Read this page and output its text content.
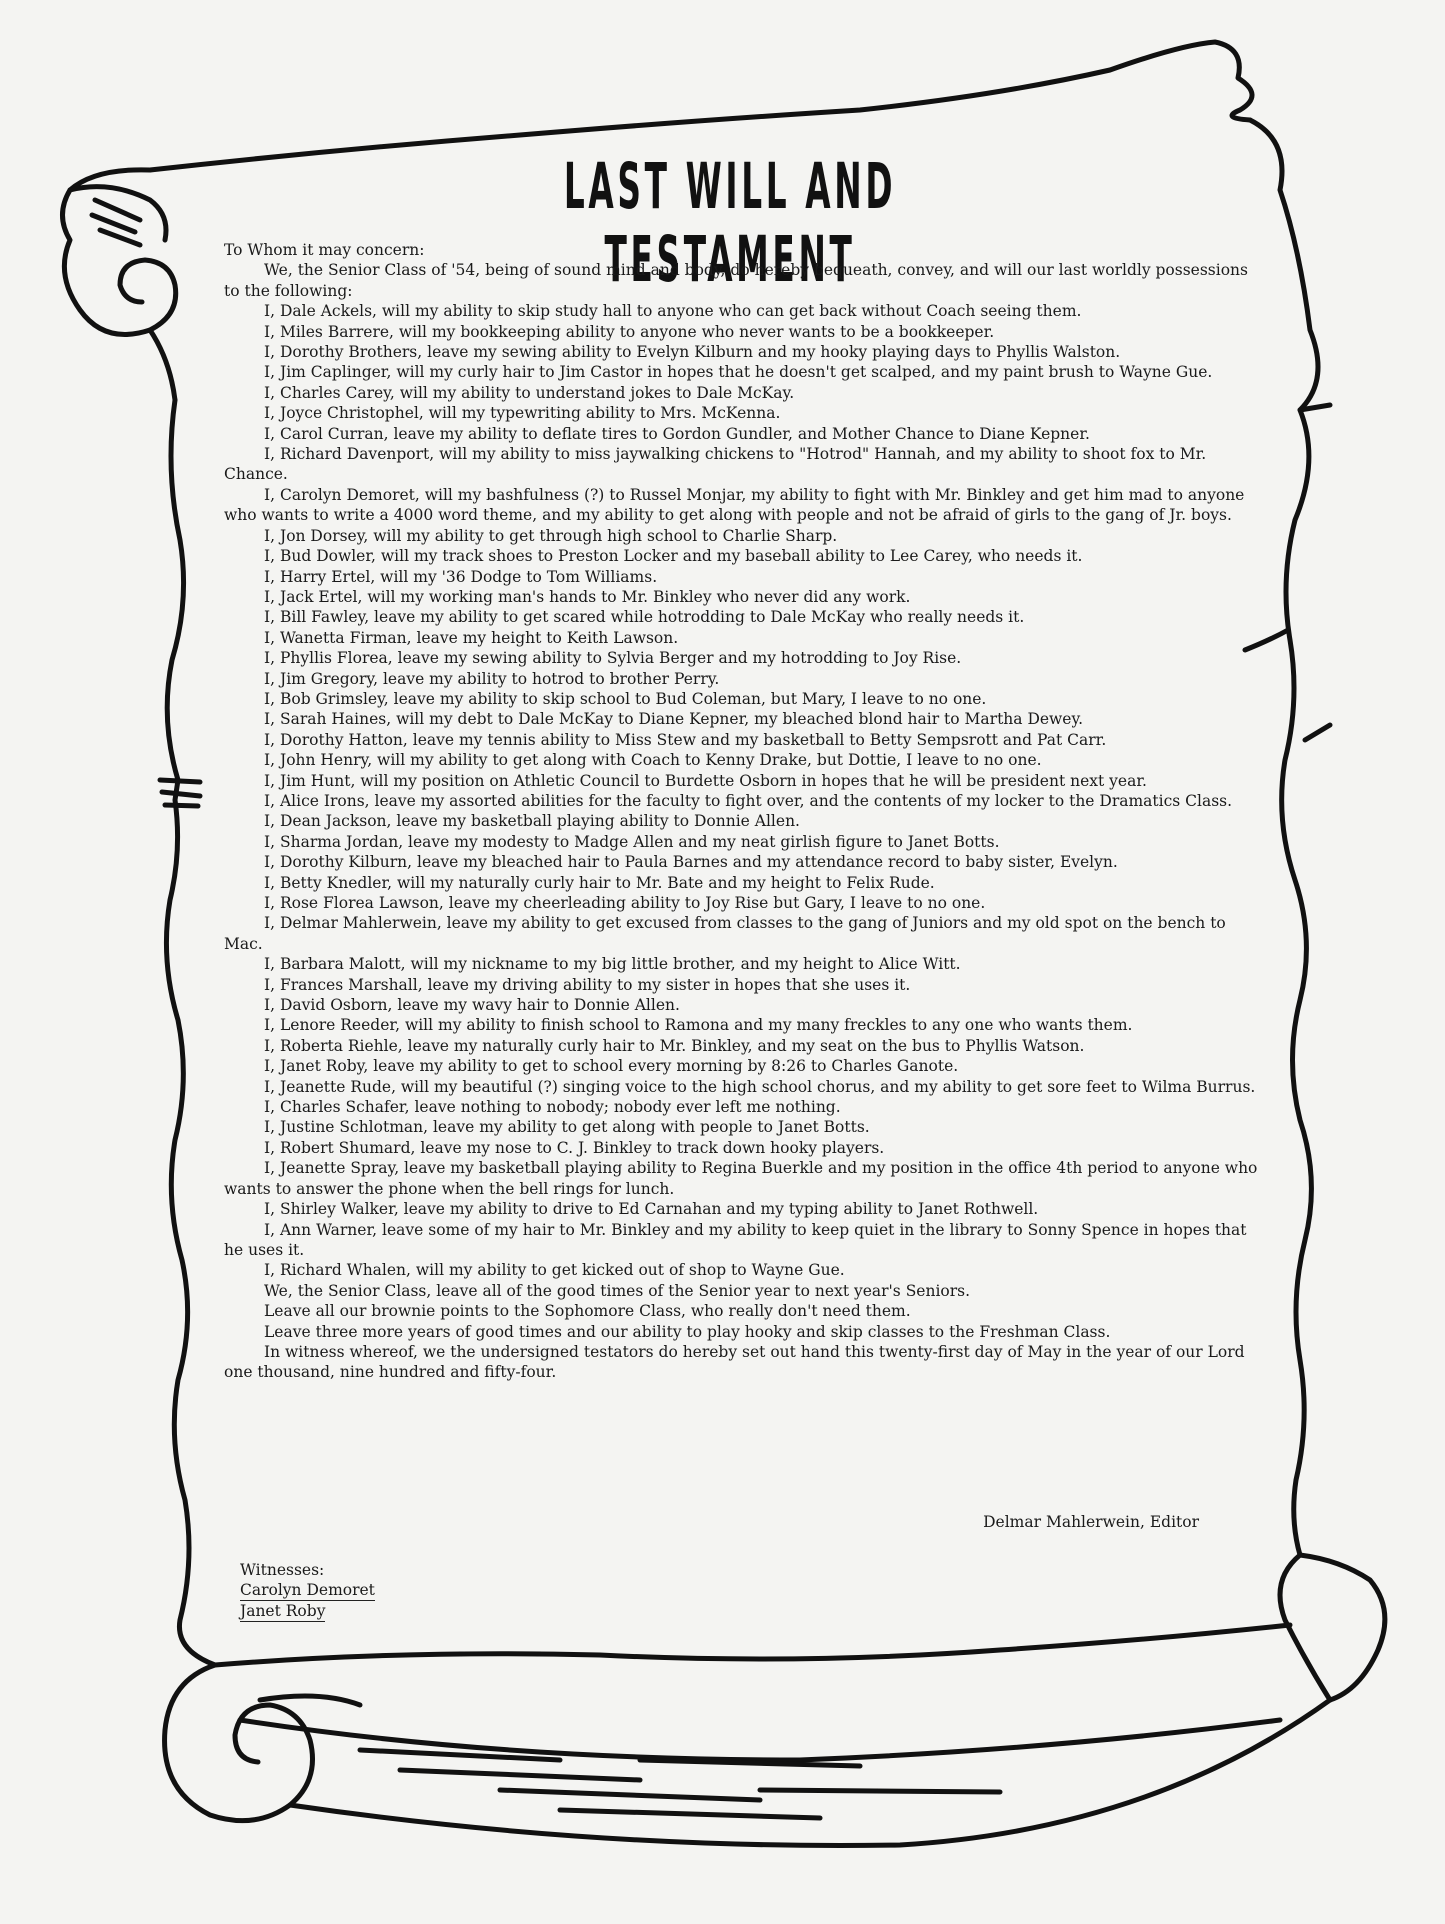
LAST WILL AND TESTAMENT

To Whom it may concern:

We, the Senior Class of '54, being of sound mind and body, do hereby bequeath, convey, and will our last worldly possessions to the following:

I, Dale Ackels, will my ability to skip study hall to anyone who can get back without Coach seeing them.

I, Miles Barrere, will my bookkeeping ability to anyone who never wants to be a bookkeeper.

I, Dorothy Brothers, leave my sewing ability to Evelyn Kilburn and my hooky playing days to Phyllis Walston.

I, Jim Caplinger, will my curly hair to Jim Castor in hopes that he doesn't get scalped, and my paint brush to Wayne Gue.

I, Charles Carey, will my ability to understand jokes to Dale McKay.

I, Joyce Christophel, will my typewriting ability to Mrs. McKenna.

I, Carol Curran, leave my ability to deflate tires to Gordon Gundler, and Mother Chance to Diane Kepner.

I, Richard Davenport, will my ability to miss jaywalking chickens to "Hotrod" Hannah, and my ability to shoot fox to Mr. Chance.

I, Carolyn Demoret, will my bashfulness (?) to Russel Monjar, my ability to fight with Mr. Binkley and get him mad to anyone who wants to write a 4000 word theme, and my ability to get along with people and not be afraid of girls to the gang of Jr. boys.

I, Jon Dorsey, will my ability to get through high school to Charlie Sharp.

I, Bud Dowler, will my track shoes to Preston Locker and my baseball ability to Lee Carey, who needs it.

I, Harry Ertel, will my '36 Dodge to Tom Williams.

I, Jack Ertel, will my working man's hands to Mr. Binkley who never did any work.

I, Bill Fawley, leave my ability to get scared while hotrodding to Dale McKay who really needs it.

I, Wanetta Firman, leave my height to Keith Lawson.

I, Phyllis Florea, leave my sewing ability to Sylvia Berger and my hotrodding to Joy Rise.

I, Jim Gregory, leave my ability to hotrod to brother Perry.

I, Bob Grimsley, leave my ability to skip school to Bud Coleman, but Mary, I leave to no one.

I, Sarah Haines, will my debt to Dale McKay to Diane Kepner, my bleached blond hair to Martha Dewey.

I, Dorothy Hatton, leave my tennis ability to Miss Stew and my basketball to Betty Sempsrott and Pat Carr.

I, John Henry, will my ability to get along with Coach to Kenny Drake, but Dottie, I leave to no one.

I, Jim Hunt, will my position on Athletic Council to Burdette Osborn in hopes that he will be president next year.

I, Alice Irons, leave my assorted abilities for the faculty to fight over, and the contents of my locker to the Dramatics Class.

I, Dean Jackson, leave my basketball playing ability to Donnie Allen.

I, Sharma Jordan, leave my modesty to Madge Allen and my neat girlish figure to Janet Botts.

I, Dorothy Kilburn, leave my bleached hair to Paula Barnes and my attendance record to baby sister, Evelyn.

I, Betty Knedler, will my naturally curly hair to Mr. Bate and my height to Felix Rude.

I, Rose Florea Lawson, leave my cheerleading ability to Joy Rise but Gary, I leave to no one.

I, Delmar Mahlerwein, leave my ability to get excused from classes to the gang of Juniors and my old spot on the bench to Mac.

I, Barbara Malott, will my nickname to my big little brother, and my height to Alice Witt.

I, Frances Marshall, leave my driving ability to my sister in hopes that she uses it.

I, David Osborn, leave my wavy hair to Donnie Allen.

I, Lenore Reeder, will my ability to finish school to Ramona and my many freckles to any one who wants them.

I, Roberta Riehle, leave my naturally curly hair to Mr. Binkley, and my seat on the bus to Phyllis Watson.

I, Janet Roby, leave my ability to get to school every morning by 8:26 to Charles Ganote.

I, Jeanette Rude, will my beautiful (?) singing voice to the high school chorus, and my ability to get sore feet to Wilma Burrus.

I, Charles Schafer, leave nothing to nobody; nobody ever left me nothing.

I, Justine Schlotman, leave my ability to get along with people to Janet Botts.

I, Robert Shumard, leave my nose to C. J. Binkley to track down hooky players.

I, Jeanette Spray, leave my basketball playing ability to Regina Buerkle and my position in the office 4th period to anyone who wants to answer the phone when the bell rings for lunch.

I, Shirley Walker, leave my ability to drive to Ed Carnahan and my typing ability to Janet Rothwell.

I, Ann Warner, leave some of my hair to Mr. Binkley and my ability to keep quiet in the library to Sonny Spence in hopes that he uses it.

I, Richard Whalen, will my ability to get kicked out of shop to Wayne Gue.

We, the Senior Class, leave all of the good times of the Senior year to next year's Seniors.

Leave all our brownie points to the Sophomore Class, who really don't need them.

Leave three more years of good times and our ability to play hooky and skip classes to the Freshman Class.

In witness whereof, we the undersigned testators do hereby set out hand this twenty-first day of May in the year of our Lord one thousand, nine hundred and fifty-four.

Delmar Mahlerwein, Editor
Witnesses:
Carolyn Demoret
Janet Roby
